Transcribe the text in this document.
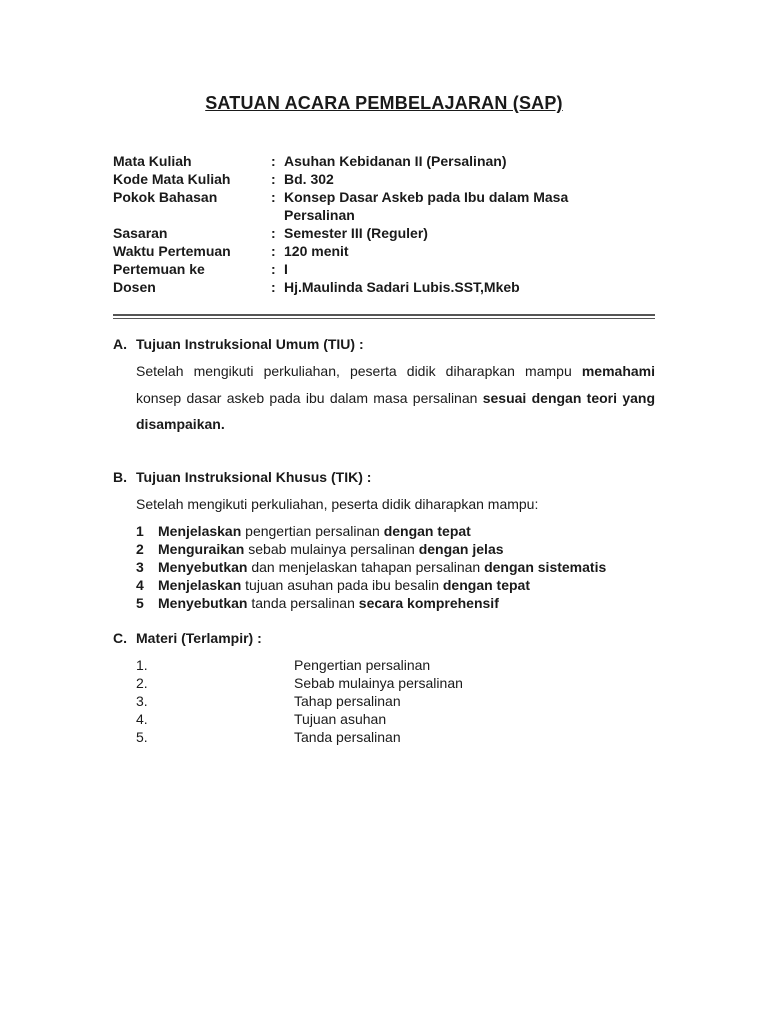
SATUAN ACARA PEMBELAJARAN (SAP)
Mata Kuliah	: Asuhan Kebidanan II (Persalinan)
Kode Mata Kuliah	: Bd. 302
Pokok Bahasan	: Konsep Dasar Askeb pada Ibu dalam Masa Persalinan
Sasaran	: Semester III (Reguler)
Waktu Pertemuan	: 120 menit
Pertemuan ke	: I
Dosen	: Hj.Maulinda Sadari Lubis.SST,Mkeb
A. Tujuan Instruksional Umum (TIU) :
Setelah mengikuti perkuliahan, peserta didik diharapkan mampu memahami konsep dasar askeb pada ibu dalam masa persalinan sesuai dengan teori yang disampaikan.
B. Tujuan Instruksional Khusus (TIK) :
Setelah mengikuti perkuliahan, peserta didik diharapkan mampu:
1	Menjelaskan pengertian persalinan dengan tepat
2	Menguraikan sebab mulainya persalinan dengan jelas
3	Menyebutkan dan menjelaskan tahapan persalinan dengan sistematis
4	Menjelaskan tujuan asuhan pada ibu besalin dengan tepat
5	Menyebutkan tanda persalinan secara komprehensif
C. Materi (Terlampir) :
1.	Pengertian persalinan
2.	Sebab mulainya persalinan
3.	Tahap persalinan
4.	Tujuan asuhan
5.	Tanda persalinan
